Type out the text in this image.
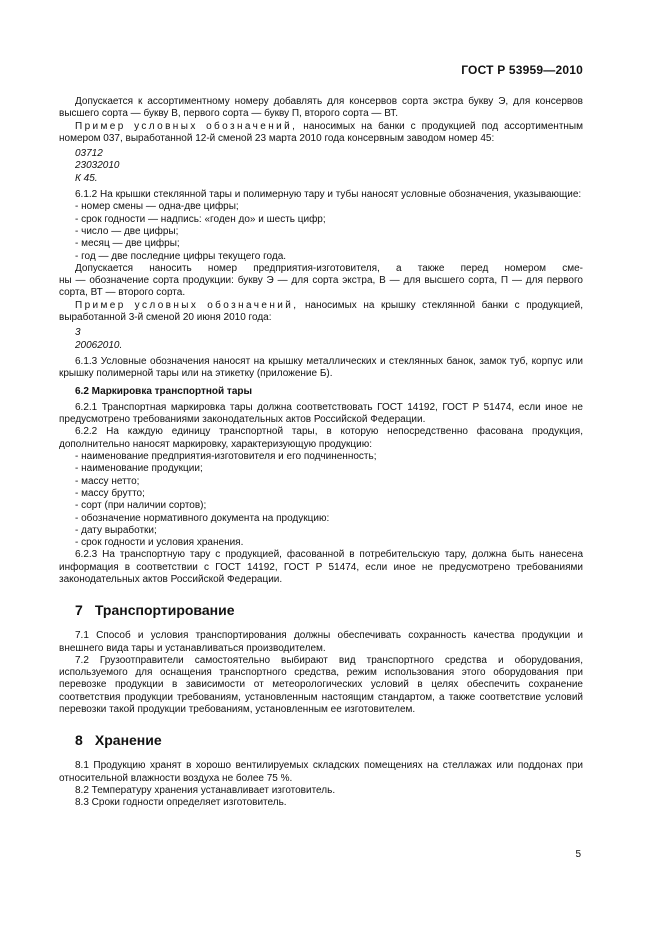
ГОСТ Р 53959—2010

Допускается к ассортиментному номеру добавлять для консервов сорта экстра букву Э, для консервов высшего сорта — букву В, первого сорта — букву П, второго сорта — ВТ.

Пример условных обозначений, наносимых на банки с продукцией под ассортиментным номером 037, выработанной 12-й сменой 23 марта 2010 года консервным заводом номер 45:

03712
23032010
К 45.

6.1.2 На крышки стеклянной тары и полимерную тару и тубы наносят условные обозначения, указывающие:

- номер смены — одна-две цифры;
- срок годности — надпись: «годен до» и шесть цифр;
- число — две цифры;
- месяц — две цифры;
- год — две последние цифры текущего года.

Допускается наносить номер предприятия-изготовителя, а также перед номером сме-

ны — обозначение сорта продукции: букву Э — для сорта экстра, В — для высшего сорта, П — для первого сорта, ВТ — второго сорта.

Пример условных обозначений, наносимых на крышку стеклянной банки с продукцией, выработанной 3-й сменой 20 июня 2010 года:

3
20062010.

6.1.3 Условные обозначения наносят на крышку металлических и стеклянных банок, замок туб, корпус или крышку полимерной тары или на этикетку (приложение Б).

6.2 Маркировка транспортной тары

6.2.1 Транспортная маркировка тары должна соответствовать ГОСТ 14192, ГОСТ Р 51474, если иное не предусмотрено требованиями законодательных актов Российской Федерации.

6.2.2 На каждую единицу транспортной тары, в которую непосредственно фасована продукция, дополнительно наносят маркировку, характеризующую продукцию:

- наименование предприятия-изготовителя и его подчиненность;
- наименование продукции;
- массу нетто;
- массу брутто;
- сорт (при наличии сортов);
- обозначение нормативного документа на продукцию:
- дату выработки;
- срок годности и условия хранения.

6.2.3 На транспортную тару с продукцией, фасованной в потребительскую тару, должна быть нанесена информация в соответствии с ГОСТ 14192, ГОСТ Р 51474, если иное не предусмотрено требованиями законодательных актов Российской Федерации.

7 Транспортирование

7.1 Способ и условия транспортирования должны обеспечивать сохранность качества продукции и внешнего вида тары и устанавливаться производителем.

7.2 Грузоотправители самостоятельно выбирают вид транспортного средства и оборудования, используемого для оснащения транспортного средства, режим использования этого оборудования при перевозке продукции в зависимости от метеорологических условий в целях обеспечить сохранение соответствия продукции требованиям, установленным настоящим стандартом, а также соответствие условий перевозки такой продукции требованиям, установленным ее изготовителем.

8 Хранение

8.1 Продукцию хранят в хорошо вентилируемых складских помещениях на стеллажах или поддонах при относительной влажности воздуха не более 75 %.

8.2 Температуру хранения устанавливает изготовитель.

8.3 Сроки годности определяет изготовитель.

5
